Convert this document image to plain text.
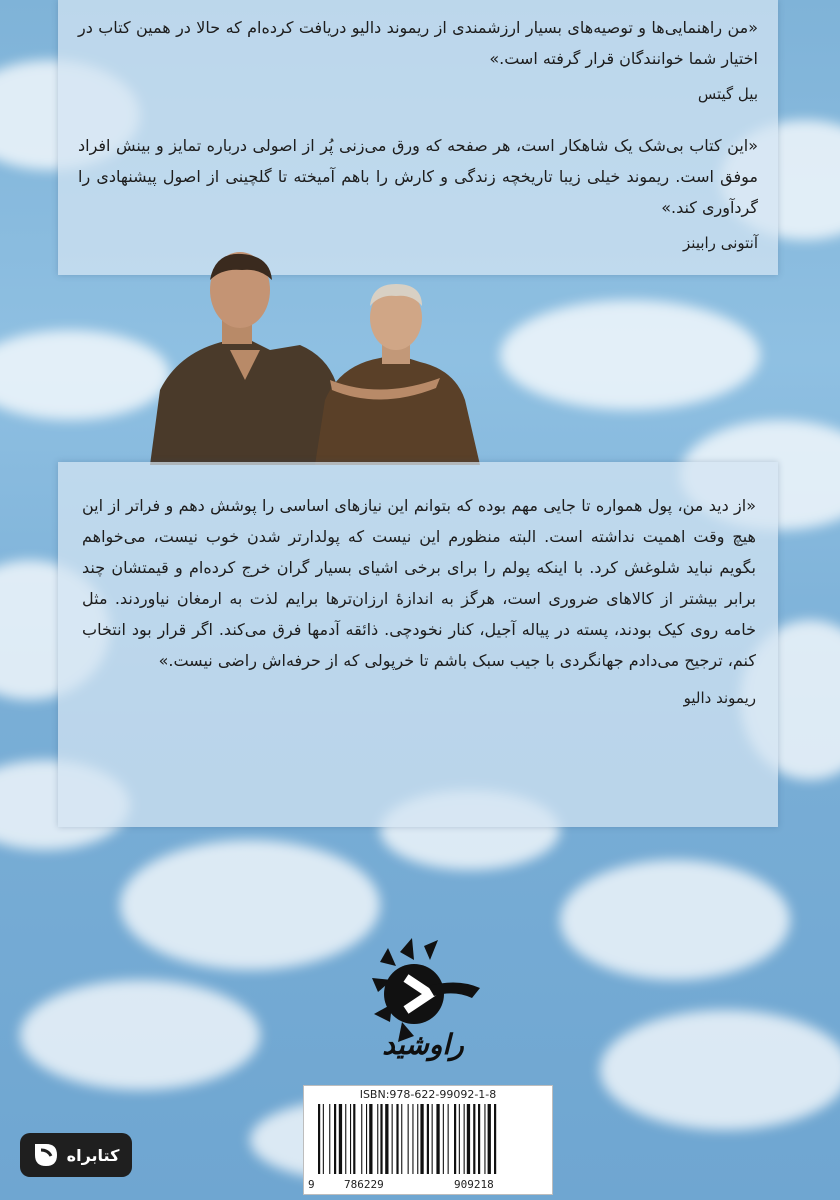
«من راهنمایی‌ها و توصیه‌های بسیار ارزشمندی از ریموند دالیو دریافت کرده‌ام که حالا در همین کتاب در اختیار شما خوانندگان قرار گرفته است.»

بیل گیتس

«این کتاب بی‌شک یک شاهکار است، هر صفحه که ورق می‌زنی پُر از اصولی درباره تمایز و بینش افراد موفق است. ریموند خیلی زیبا تاریخچه زندگی و کارش را باهم آمیخته تا گلچینی از اصول پیشنهادی را گردآوری کند.»

آنتونی رابینز

«از دید من، پول همواره تا جایی مهم بوده که بتوانم این نیازهای اساسی را پوشش دهم و فراتر از این هیچ وقت اهمیت نداشته است. البته منظورم این نیست که پولدارتر شدن خوب نیست، می‌خواهم بگویم نباید شلوغش کرد. با اینکه پولم را برای برخی اشیای بسیار گران خرج کرده‌ام و قیمتشان چند برابر بیشتر از کالاهای ضروری است، هرگز به اندازهٔ ارزان‌ترها برایم لذت به ارمغان نیاوردند. مثل خامه روی کیک بودند، پسته در پیاله آجیل، کنار نخودچی. ذائقه آدمها فرق می‌کند. اگر قرار بود انتخاب کنم، ترجیح می‌دادم جهانگردی با جیب سبک باشم تا خرپولی که از حرفه‌اش راضی نیست.»

ریموند دالیو

راوشید
ISBN:978-622-99092-1-8
9	786229	909218
کتابراه
